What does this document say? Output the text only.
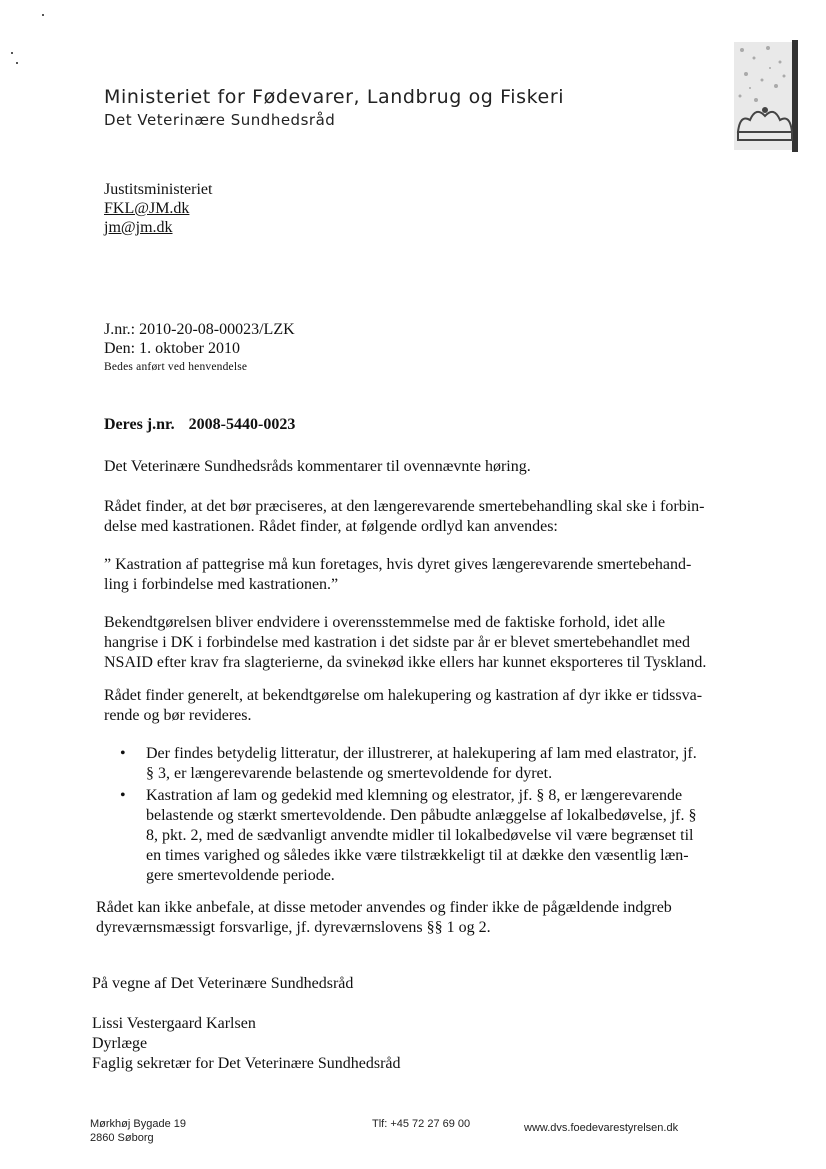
Ministeriet for Fødevarer, Landbrug og Fiskeri
Det Veterinære Sundhedsråd
Justitsministeriet
FKL@JM.dk
jm@jm.dk
J.nr.: 2010-20-08-00023/LZK
Den: 1. oktober 2010
Bedes anført ved henvendelse
Deres j.nr. 2008-5440-0023
Det Veterinære Sundhedsråds kommentarer til ovennævnte høring.
Rådet finder, at det bør præciseres, at den længerevarende smertebehandling skal ske i forbin-
delse med kastrationen. Rådet finder, at følgende ordlyd kan anvendes:
” Kastration af pattegrise må kun foretages, hvis dyret gives længerevarende smertebehand-
ling i forbindelse med kastrationen.”
Bekendtgørelsen bliver endvidere i overensstemmelse med de faktiske forhold, idet alle
hangrise i DK i forbindelse med kastration i det sidste par år er blevet smertebehandlet med
NSAID efter krav fra slagterierne, da svinekød ikke ellers har kunnet eksporteres til Tyskland.
Rådet finder generelt, at bekendtgørelse om halekupering og kastration af dyr ikke er tidssva-
rende og bør revideres.
• Der findes betydelig litteratur, der illustrerer, at halekupering af lam med elastrator, jf.
§ 3, er længerevarende belastende og smertevoldende for dyret.
• Kastration af lam og gedekid med klemning og elestrator, jf. § 8, er længerevarende
belastende og stærkt smertevoldende. Den påbudte anlæggelse af lokalbedøvelse, jf. §
8, pkt. 2, med de sædvanligt anvendte midler til lokalbedøvelse vil være begrænset til
en times varighed og således ikke være tilstrækkeligt til at dække den væsentlig læn-
gere smertevoldende periode.
Rådet kan ikke anbefale, at disse metoder anvendes og finder ikke de pågældende indgreb
dyreværnsmæssigt forsvarlige, jf. dyreværnslovens §§ 1 og 2.
På vegne af Det Veterinære Sundhedsråd
Lissi Vestergaard Karlsen
Dyrlæge
Faglig sekretær for Det Veterinære Sundhedsråd
Mørkhøj Bygade 19
2860 Søborg
Tlf: +45 72 27 69 00	www.dvs.foedevarestyrelsen.dk
